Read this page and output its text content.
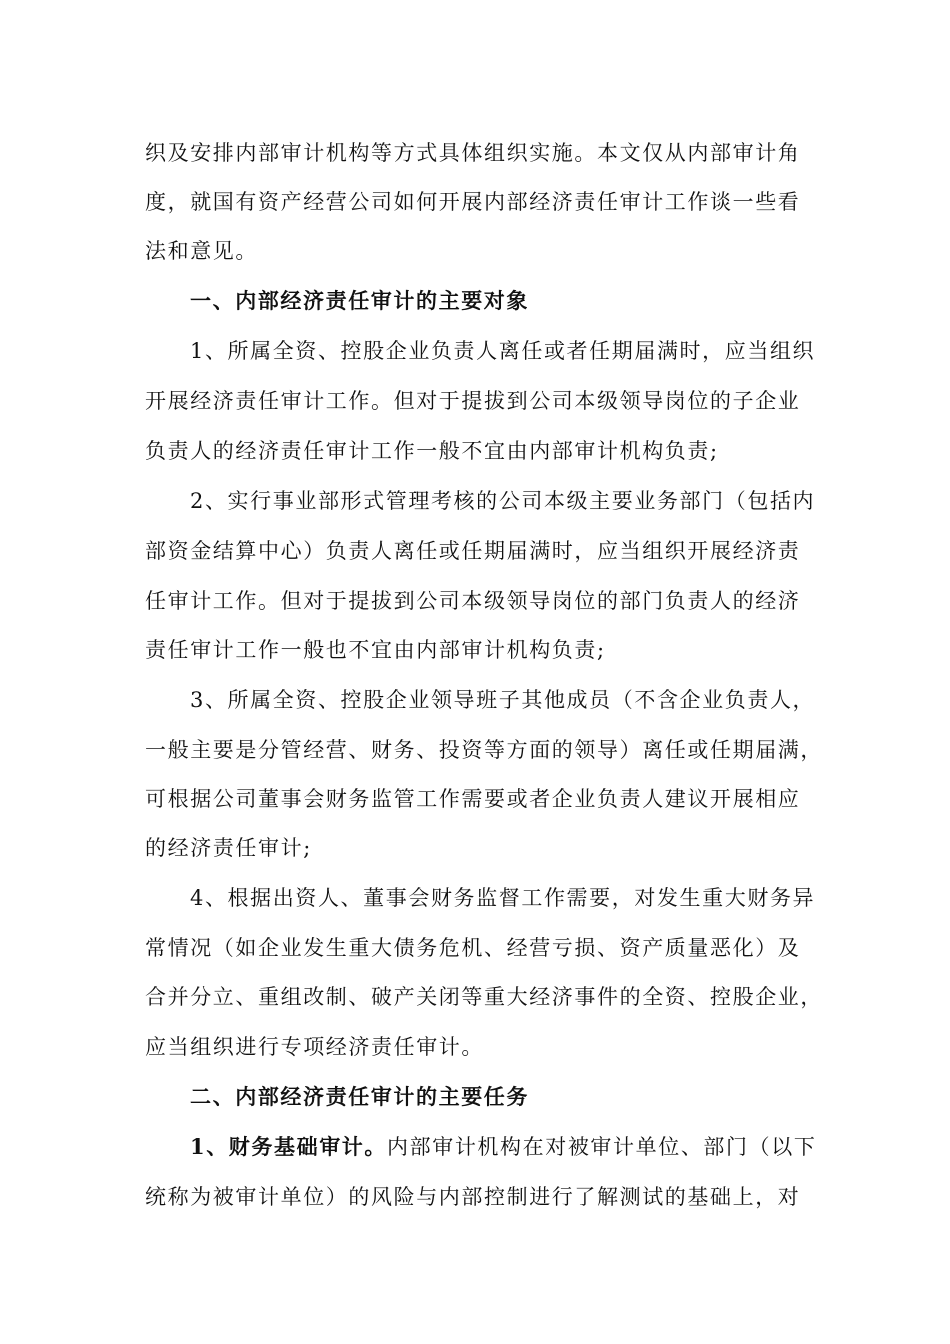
织及安排内部审计机构等方式具体组织实施。本文仅从内部审计角
度，就国有资产经营公司如何开展内部经济责任审计工作谈一些看
法和意见。
一、内部经济责任审计的主要对象
1、所属全资、控股企业负责人离任或者任期届满时，应当组织
开展经济责任审计工作。但对于提拔到公司本级领导岗位的子企业
负责人的经济责任审计工作一般不宜由内部审计机构负责;
2、实行事业部形式管理考核的公司本级主要业务部门（包括内
部资金结算中心）负责人离任或任期届满时，应当组织开展经济责
任审计工作。但对于提拔到公司本级领导岗位的部门负责人的经济
责任审计工作一般也不宜由内部审计机构负责;
3、所属全资、控股企业领导班子其他成员（不含企业负责人，
一般主要是分管经营、财务、投资等方面的领导）离任或任期届满，
可根据公司董事会财务监管工作需要或者企业负责人建议开展相应
的经济责任审计;
4、根据出资人、董事会财务监督工作需要，对发生重大财务异
常情况（如企业发生重大债务危机、经营亏损、资产质量恶化）及
合并分立、重组改制、破产关闭等重大经济事件的全资、控股企业，
应当组织进行专项经济责任审计。
二、内部经济责任审计的主要任务
1、财务基础审计。内部审计机构在对被审计单位、部门（以下
统称为被审计单位）的风险与内部控制进行了解测试的基础上，对
